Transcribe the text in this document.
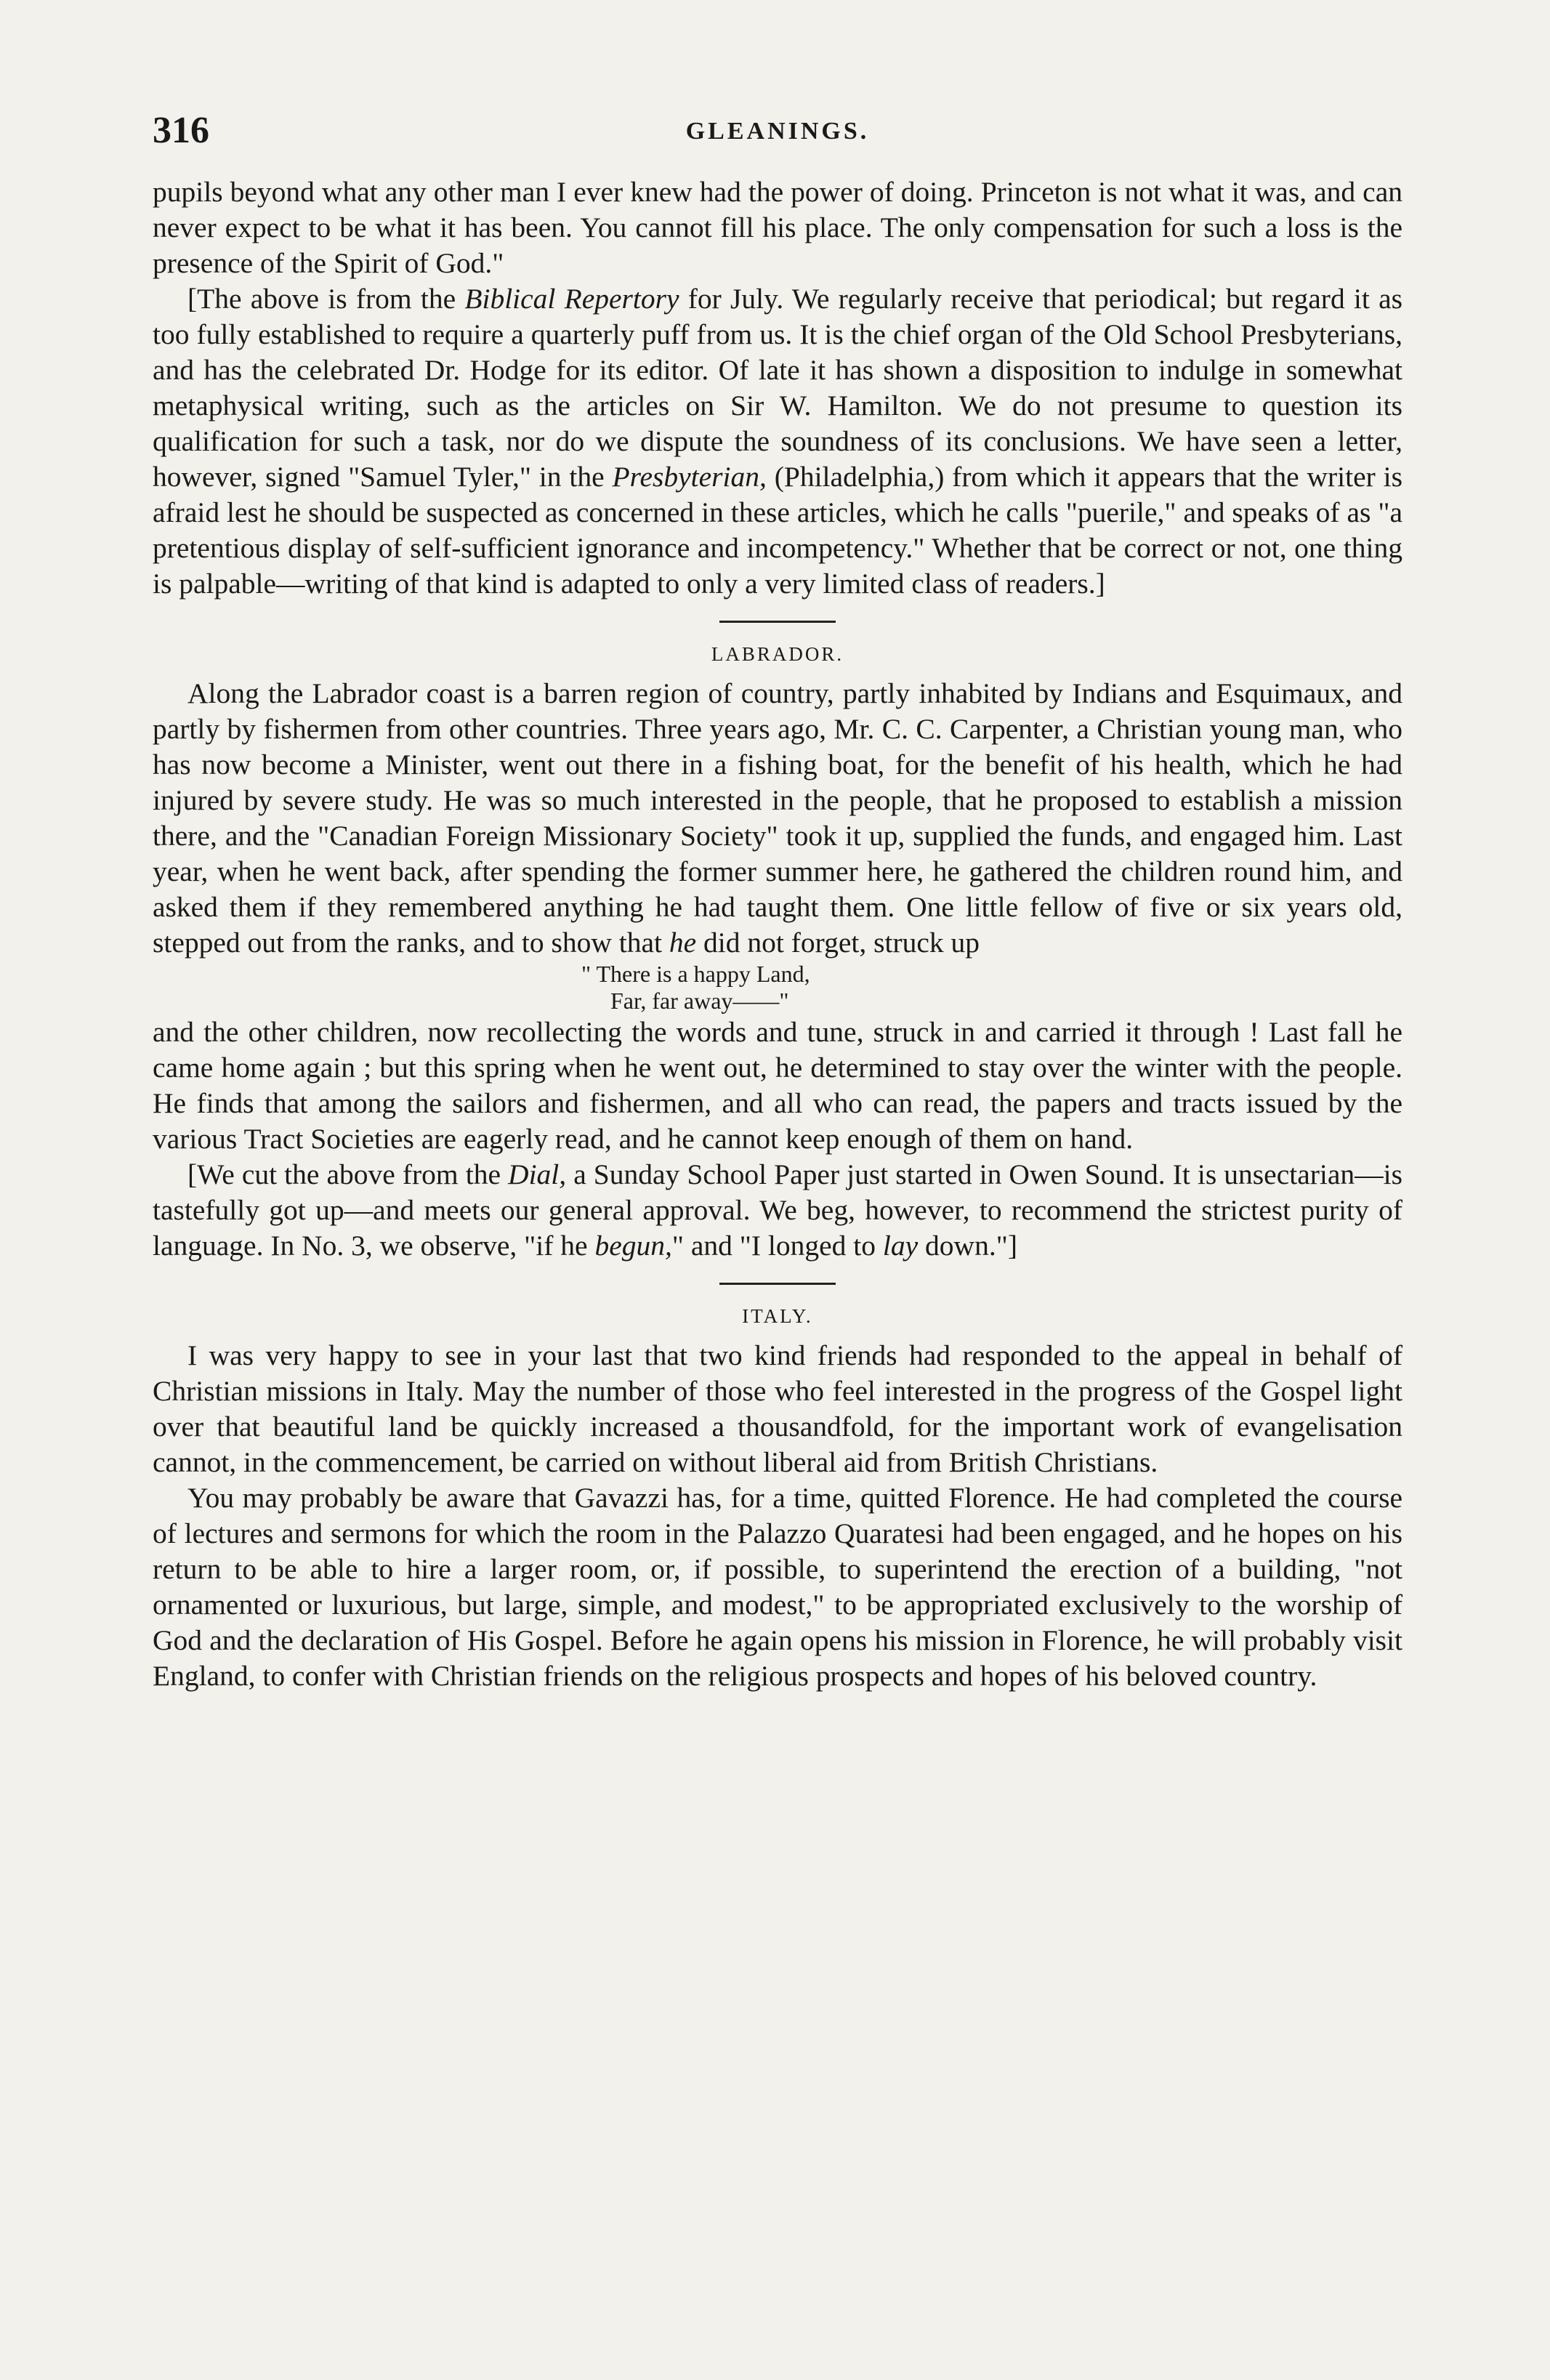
316	GLEANINGS.

pupils beyond what any other man I ever knew had the power of doing. Princeton is not what it was, and can never expect to be what it has been. You cannot fill his place. The only compensation for such a loss is the presence of the Spirit of God."

[The above is from the Biblical Repertory for July. We regularly receive that periodical; but regard it as too fully established to require a quarterly puff from us. It is the chief organ of the Old School Presbyterians, and has the celebrated Dr. Hodge for its editor. Of late it has shown a disposition to indulge in somewhat metaphysical writing, such as the articles on Sir W. Hamilton. We do not presume to question its qualification for such a task, nor do we dispute the soundness of its conclusions. We have seen a letter, however, signed "Samuel Tyler," in the Presbyterian, (Philadelphia,) from which it appears that the writer is afraid lest he should be suspected as concerned in these articles, which he calls "puerile," and speaks of as "a pretentious display of self-sufficient ignorance and incompetency." Whether that be correct or not, one thing is palpable—writing of that kind is adapted to only a very limited class of readers.]

LABRADOR.

Along the Labrador coast is a barren region of country, partly inhabited by Indians and Esquimaux, and partly by fishermen from other countries. Three years ago, Mr. C. C. Carpenter, a Christian young man, who has now become a Minister, went out there in a fishing boat, for the benefit of his health, which he had injured by severe study. He was so much interested in the people, that he proposed to establish a mission there, and the "Canadian Foreign Missionary Society" took it up, supplied the funds, and engaged him. Last year, when he went back, after spending the former summer here, he gathered the children round him, and asked them if they remembered anything he had taught them. One little fellow of five or six years old, stepped out from the ranks, and to show that he did not forget, struck up

" There is a happy Land,
Far, far away——"

and the other children, now recollecting the words and tune, struck in and carried it through ! Last fall he came home again ; but this spring when he went out, he determined to stay over the winter with the people. He finds that among the sailors and fishermen, and all who can read, the papers and tracts issued by the various Tract Societies are eagerly read, and he cannot keep enough of them on hand.

[We cut the above from the Dial, a Sunday School Paper just started in Owen Sound. It is unsectarian—is tastefully got up—and meets our general approval. We beg, however, to recommend the strictest purity of language. In No. 3, we observe, "if he begun," and "I longed to lay down."]

ITALY.

I was very happy to see in your last that two kind friends had responded to the appeal in behalf of Christian missions in Italy. May the number of those who feel interested in the progress of the Gospel light over that beautiful land be quickly increased a thousandfold, for the important work of evangelisation cannot, in the commencement, be carried on without liberal aid from British Christians.

You may probably be aware that Gavazzi has, for a time, quitted Florence. He had completed the course of lectures and sermons for which the room in the Palazzo Quaratesi had been engaged, and he hopes on his return to be able to hire a larger room, or, if possible, to superintend the erection of a building, "not ornamented or luxurious, but large, simple, and modest," to be appropriated exclusively to the worship of God and the declaration of His Gospel. Before he again opens his mission in Florence, he will probably visit England, to confer with Christian friends on the religious prospects and hopes of his beloved country.
